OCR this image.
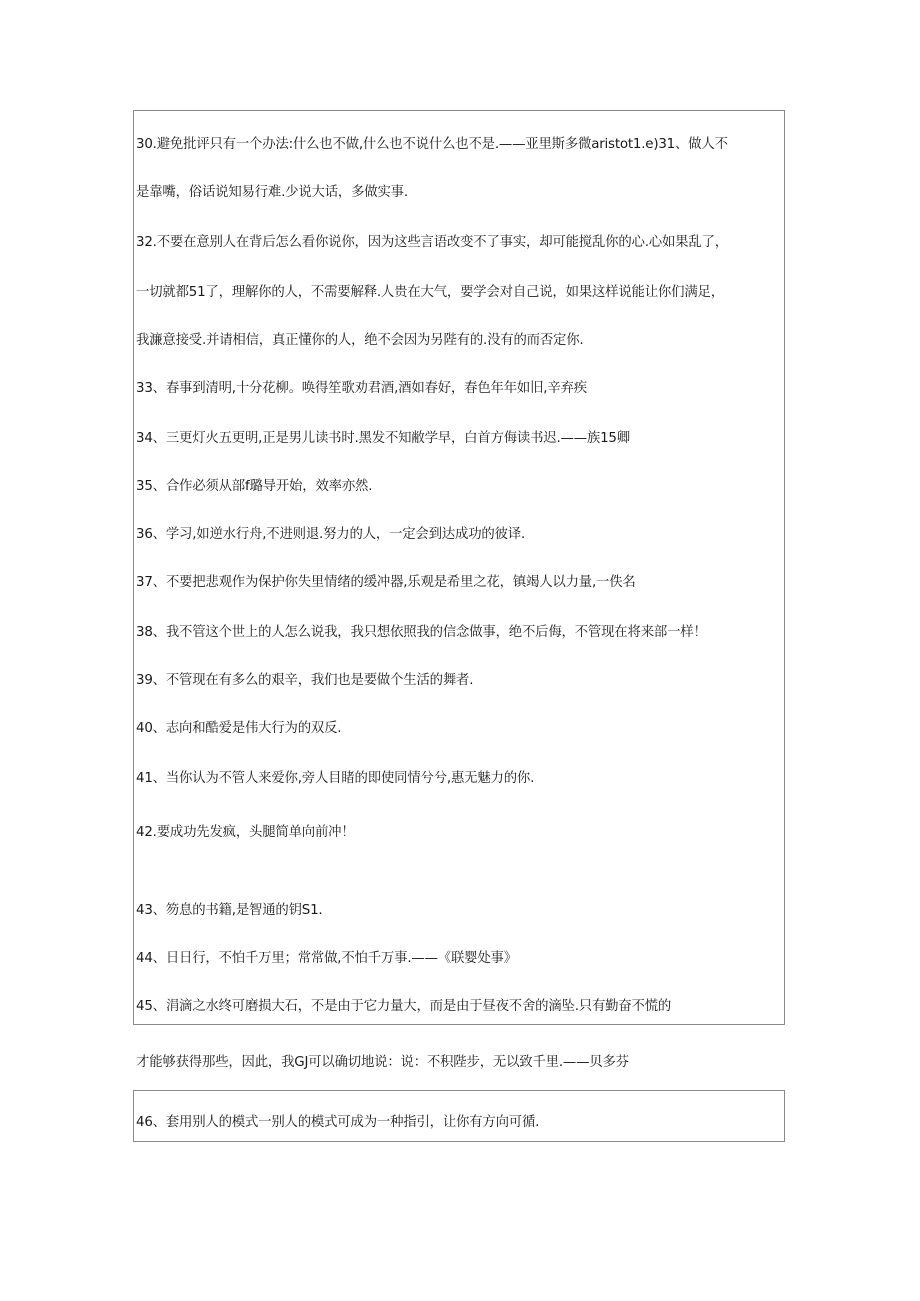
30.避免批评只有一个办法:什么也不做,什么也不说什么也不是.——亚里斯多微aristot1.e)31、做人不
是靠嘴，俗话说知易行难.少说大话，多做实事.
32.不要在意别人在背后怎么看你说你，因为这些言语改变不了事实，却可能搅乱你的心.心如果乱了，
一切就都51了，理解你的人，不需要解释.人贵在大气，要学会对自己说，如果这样说能让你们满足，
我濂意接受.并请相信，真正懂你的人，绝不会因为另陛有的.没有的而否定你.
33、春事到清明,十分花柳。唤得笙歌劝君酒,酒如春好，春色年年如旧,辛弃疾
34、三更灯火五更明,正是男儿读书时.黑发不知敝学早，白首方侮读书迟.——族15卿
35、合作必须从部f璐导开始，效率亦然.
36、学习,如逆水行舟,不进则退.努力的人，一定会到达成功的彼译.
37、不要把悲观作为保护你失里情绪的缓冲器,乐观是希里之花，镇竭人以力量,一佚名
38、我不管这个世上的人怎么说我，我只想依照我的信念做事，绝不后侮，不管现在将来部一样！
39、不管现在有多么的艰辛，我们也是要做个生活的舞者.
40、志向和酷爱是伟大行为的双反.
41、当你认为不管人来爱你,旁人目睹的即使同情兮兮,惠无魅力的你.
42.要成功先发疯，头腿简单向前冲！
43、笏息的书籍,是智通的钥S1.
44、日日行，不怕千万里；常常做,不怕千万事.——《联婴处事》
45、涓滴之水终可磨损大石，不是由于它力量大，而是由于昼夜不舍的滴坠.只有勤奋不慌的
才能够获得那些，因此，我GJ可以确切地说：说：不积陛步，无以致千里.——贝多芬
46、套用别人的模式一别人的模式可成为一种指引，让你有方向可循.
